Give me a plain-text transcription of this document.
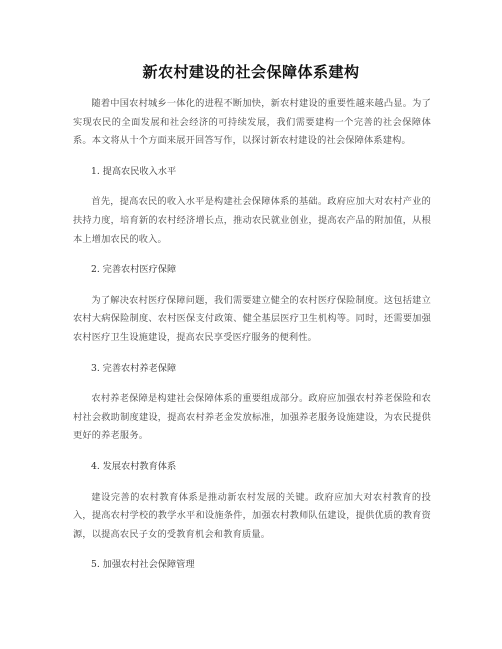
新农村建设的社会保障体系建构

随着中国农村城乡一体化的进程不断加快，新农村建设的重要性越来越凸显。为了实现农民的全面发展和社会经济的可持续发展，我们需要建构一个完善的社会保障体系。本文将从十个方面来展开回答写作，以探讨新农村建设的社会保障体系建构。

1. 提高农民收入水平

首先，提高农民的收入水平是构建社会保障体系的基础。政府应加大对农村产业的扶持力度，培育新的农村经济增长点，推动农民就业创业，提高农产品的附加值，从根本上增加农民的收入。

2. 完善农村医疗保障

为了解决农村医疗保障问题，我们需要建立健全的农村医疗保险制度。这包括建立农村大病保险制度、农村医保支付政策、健全基层医疗卫生机构等。同时，还需要加强农村医疗卫生设施建设，提高农民享受医疗服务的便利性。

3. 完善农村养老保障

农村养老保障是构建社会保障体系的重要组成部分。政府应加强农村养老保险和农村社会救助制度建设，提高农村养老金发放标准，加强养老服务设施建设，为农民提供更好的养老服务。

4. 发展农村教育体系

建设完善的农村教育体系是推动新农村发展的关键。政府应加大对农村教育的投入，提高农村学校的教学水平和设施条件，加强农村教师队伍建设，提供优质的教育资源，以提高农民子女的受教育机会和教育质量。

5. 加强农村社会保障管理
